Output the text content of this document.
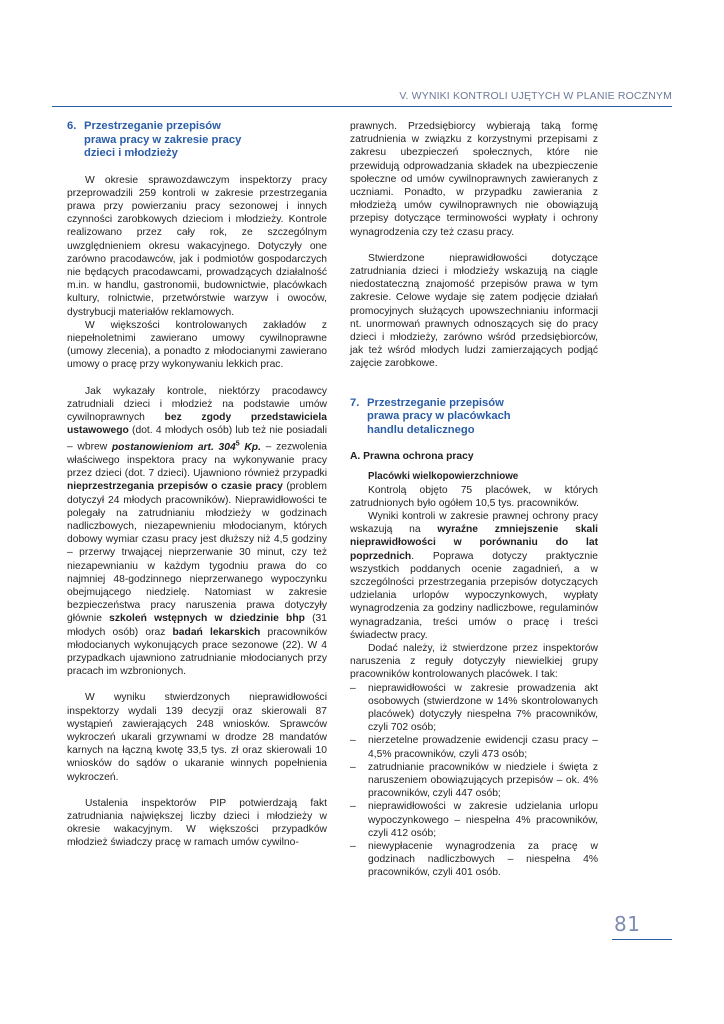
V. WYNIKI KONTROLI UJĘTYCH W PLANIE ROCZNYM
6. Przestrzeganie przepisów
prawa pracy w zakresie pracy
dzieci i młodzieży

W okresie sprawozdawczym inspektorzy pracy przeprowadzili 259 kontroli w zakresie przestrzegania prawa przy powierzaniu pracy sezonowej i innych czynności zarobkowych dzieciom i młodzieży. Kontrole realizowano przez cały rok, ze szczególnym uwzględnieniem okresu wakacyjnego. Dotyczyły one zarówno pracodawców, jak i podmiotów gospodarczych nie będących pracodawcami, prowadzących działalność m.in. w handlu, gastronomii, budownictwie, placówkach kultury, rolnictwie, przetwórstwie warzyw i owoców, dystrybucji materiałów reklamowych.

W większości kontrolowanych zakładów z niepełnoletnimi zawierano umowy cywilnoprawne (umowy zlecenia), a ponadto z młodocianymi zawierano umowy o pracę przy wykonywaniu lekkich prac.

Jak wykazały kontrole, niektórzy pracodawcy zatrudniali dzieci i młodzież na podstawie umów cywilnoprawnych bez zgody przedstawiciela ustawowego (dot. 4 młodych osób) lub też nie posiadali – wbrew postanowieniom art. $304^5$ Kp. – zezwolenia właściwego inspektora pracy na wykonywanie pracy przez dzieci (dot. 7 dzieci). Ujawniono również przypadki nieprzestrzegania przepisów o czasie pracy (problem dotyczył 24 młodych pracowników). Nieprawidłowości te polegały na zatrudnianiu młodzieży w godzinach nadliczbowych, niezapewnieniu młodocianym, których dobowy wymiar czasu pracy jest dłuższy niż 4,5 godziny – przerwy trwającej nieprzerwanie 30 minut, czy też niezapewnianiu w każdym tygodniu prawa do co najmniej 48-godzinnego nieprzerwanego wypoczynku obejmującego niedzielę. Natomiast w zakresie bezpieczeństwa pracy naruszenia prawa dotyczyły głównie szkoleń wstępnych w dziedzinie bhp (31 młodych osób) oraz badań lekarskich pracowników młodocianych wykonujących prace sezonowe (22). W 4 przypadkach ujawniono zatrudnianie młodocianych przy pracach im wzbronionych.

W wyniku stwierdzonych nieprawidłowości inspektorzy wydali 139 decyzji oraz skierowali 87 wystąpień zawierających 248 wniosków. Sprawców wykroczeń ukarali grzywnami w drodze 28 mandatów karnych na łączną kwotę 33,5 tys. zł oraz skierowali 10 wniosków do sądów o ukaranie winnych popełnienia wykroczeń.

Ustalenia inspektorów PIP potwierdzają fakt zatrudniania największej liczby dzieci i młodzieży w okresie wakacyjnym. W większości przypadków młodzież świadczy pracę w ramach umów cywilno-

prawnych. Przedsiębiorcy wybierają taką formę zatrudnienia w związku z korzystnymi przepisami z zakresu ubezpieczeń społecznych, które nie przewidują odprowadzania składek na ubezpieczenie społeczne od umów cywilnoprawnych zawieranych z uczniami. Ponadto, w przypadku zawierania z młodzieżą umów cywilnoprawnych nie obowiązują przepisy dotyczące terminowości wypłaty i ochrony wynagrodzenia czy też czasu pracy.

Stwierdzone nieprawidłowości dotyczące zatrudniania dzieci i młodzieży wskazują na ciągle niedostateczną znajomość przepisów prawa w tym zakresie. Celowe wydaje się zatem podjęcie działań promocyjnych służących upowszechnianiu informacji nt. unormowań prawnych odnoszących się do pracy dzieci i młodzieży, zarówno wśród przedsiębiorców, jak też wśród młodych ludzi zamierzających podjąć zajęcie zarobkowe.

7. Przestrzeganie przepisów
prawa pracy w placówkach
handlu detalicznego

A. Prawna ochrona pracy

Placówki wielkopowierzchniowe

Kontrolą objęto 75 placówek, w których zatrudnionych było ogółem 10,5 tys. pracowników.

Wyniki kontroli w zakresie prawnej ochrony pracy wskazują na wyraźne zmniejszenie skali nieprawidłowości w porównaniu do lat poprzednich. Poprawa dotyczy praktycznie wszystkich poddanych ocenie zagadnień, a w szczególności przestrzegania przepisów dotyczących udzielania urlopów wypoczynkowych, wypłaty wynagrodzenia za godziny nadliczbowe, regulaminów wynagradzania, treści umów o pracę i treści świadectw pracy.

Dodać należy, iż stwierdzone przez inspektorów naruszenia z reguły dotyczyły niewielkiej grupy pracowników kontrolowanych placówek. I tak:

– nieprawidłowości w zakresie prowadzenia akt osobowych (stwierdzone w 14% skontrolowanych placówek) dotyczyły niespełna 7% pracowników, czyli 702 osób;
– nierzetelne prowadzenie ewidencji czasu pracy – 4,5% pracowników, czyli 473 osób;
– zatrudnianie pracowników w niedziele i święta z naruszeniem obowiązujących przepisów – ok. 4% pracowników, czyli 447 osób;
– nieprawidłowości w zakresie udzielania urlopu wypoczynkowego – niespełna 4% pracowników, czyli 412 osób;
– niewypłacenie wynagrodzenia za pracę w godzinach nadliczbowych – niespełna 4% pracowników, czyli 401 osób.
81
